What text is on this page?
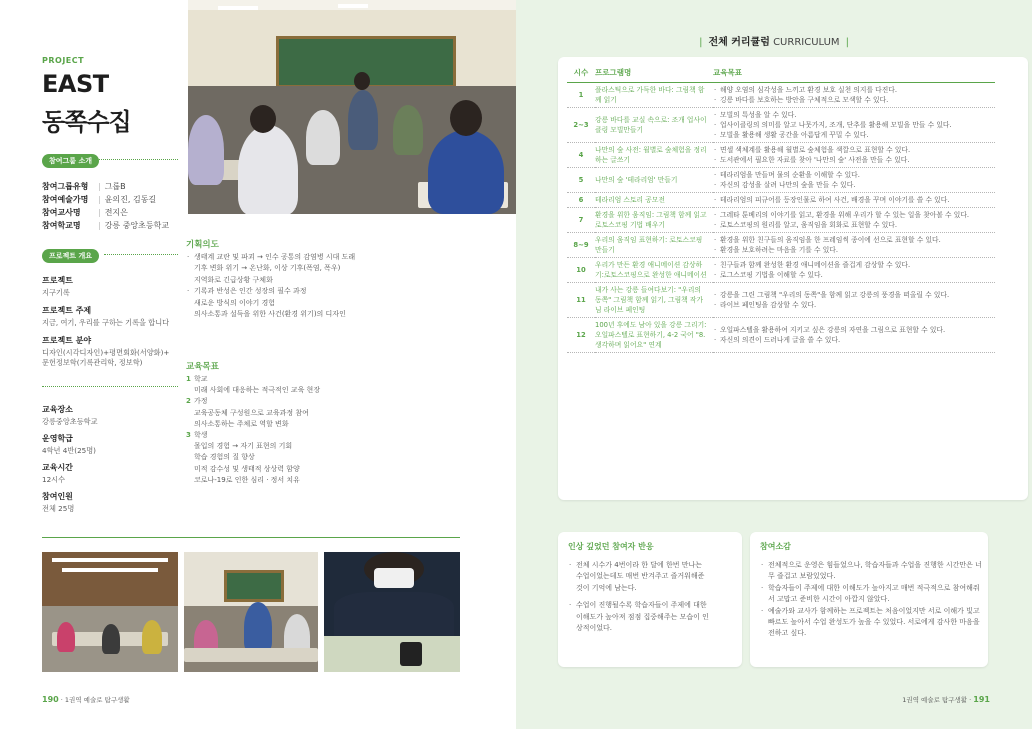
PROJECT
EAST
동쪽수집
참여그룹 소개
참여그룹유형 | 그룹B
참여예술가명 | 윤의진, 김동길
참여교사명 | 전지은
참여학교명 | 강릉 중앙초등학교
프로젝트 개요
프로젝트
지구기록
프로젝트 주제
지금, 여기, 우리를 구하는 기록을 합니다
프로젝트 분야
디자인(시각디자인)+평면회화(서양화)+
문헌정보학(기록관리학, 정보학)
교육장소
강릉중앙초등학교
운영학급
4학년 4반(25명)
교육시간
12시수
참여인원
전체 25명
기획의도
· 생태계 교란 및 파괴 → 인수 공통의 감염병 시대 도래
기후 변화 위기 → 온난화, 이상 기후(폭염, 폭우)
지역화로 긴급상황 구체화
· 기록과 반성은 인간 성장의 필수 과정
새로운 방식의 이야기 경험
의사소통과 설득을 위한 사건(환경 위기)의 디자인
교육목표
1 학교
미래 사회에 대응하는 적극적인 교육 현장
2 가정
교육공동체 구성원으로 교육과정 참여
의사소통하는 주체로 역할 변화
3 학생
몰입의 경험 → 자기 표현의 기회
학습 경험의 질 향상
미적 감수성 및 생태적 상상력 함양
코로나-19로 인한 심리 · 정서 치유
190 · 1권역 예술로 탐구생활
| 전체 커리큘럼 CURRICULUM |
시수	프로그램명	교육목표
1	플라스틱으로 가득한 바다: 그림책 함께 읽기	· 해양 오염의 심각성을 느끼고 환경 보호 실천 의지를 다진다.
· 깅릉 바다를 보호하는 방안을 구체적으로 모색할 수 있다.

2~3	강릉 바다를 교실 속으로: 조개 업사이클링 모빌만들기	· 모빌의 특성을 알 수 있다.
· 업사이클링의 의미를 알고 나뭇가지, 조개, 단추를 활용해 모빌을 만들 수 있다.
· 모빌을 활용해 생활 공간을 아름답게 꾸밀 수 있다.

4	나만의 숲 사전: 월별로 숲체험을 정리하는 글쓰기	· 면셀 색체계를 활용해 월별로 숲체험을 색깔으로 표현할 수 있다.
· 도서관에서 필요한 자료를 찾아 '나만의 숲' 사전을 만들 수 있다.

5	나만의 숲 '테라리엄' 만들기	· 테라리엄을 만들며 물의 순환을 이해할 수 있다.
· 자신의 감성을 살려 나만의 숲을 만들 수 있다.

6	테라리엄 스토리 공모전	· 테라리엄의 피규어를 등장인물로 하여 사건, 배경을 꾸며 이야기를 쓸 수 있다.

7	환경을 위한 움직임: 그림책 함께 읽고 로토스코핑 기법 배우기	· 그레타 툰베리의 이야기를 읽고, 환경을 위해 우리가 할 수 있는 일을 찾아볼 수 있다.
· 로토스코핑의 원리를 알고, 움직임을 회화로 표현할 수 있다.

8~9	우리의 움직임 표현하기: 로토스코핑 만들기	· 환경을 위한 친구들의 움직임을 한 프레임씩 종이에 선으로 표현할 수 있다.
· 환경을 보호하려는 마음을 기를 수 있다.

10	우리가 만든 환경 애니메이션 감상하기:로토스코핑으로 완성한 애니메이션	· 친구들과 함께 완성한 환경 애니메이션을 즐겁게 감상할 수 있다.
· 로그스코핑 기법을 이해할 수 있다.

11	내가 사는 강릉 들여다보기: "우리의 동쪽" 그림책 함께 읽기, 그림책 작가님 라이브 페인팅	· 강릉을 그린 그림책 "우리의 동쪽"을 함께 읽고 강릉의 풍경을 떠올릴 수 있다.
· 라이브 페인팅을 감상할 수 있다.

12	100년 후에도 남아 있을 강릉 그리기: 오일파스텔로 표현하기, 4-2 국어 "8. 생각하며 읽어요" 연계	· 오일파스텔을 활용하여 지키고 싶은 강릉의 자연을 그림으로 표현할 수 있다.
· 자신의 의견이 드러나게 글을 쓸 수 있다.
인상 깊었던 참여자 반응
· 전체 시수가 4번이라 한 달에 한번 만나는
수업이었는데도 매번 반겨주고 즐거워해준
것이 기억에 남는다.
· 수업이 진행될수록 학습자들이 주제에 대한
이해도가 높아져 점점 집중해주는 모습이 인
상적이었다.
참여소감
· 전체적으로 운영은 힘들었으나, 학습자들과 수업을 진행한 시간만은 너
무 즐겁고 보람있었다.
· 학습자들이 주제에 대한 이해도가 높아지고 매번 적극적으로 참여해줘
서 고맙고 준비한 시간이 아깝지 않았다.
· 예술가와 교사가 함께하는 프로젝트는 처음이었지만 서로 이해가 빛고
빠르도 높아서 수업 완성도가 높을 수 있었다. 서로에게 감사한 마음을
전하고 싶다.
1권역 예술로 탐구생활 · 191
